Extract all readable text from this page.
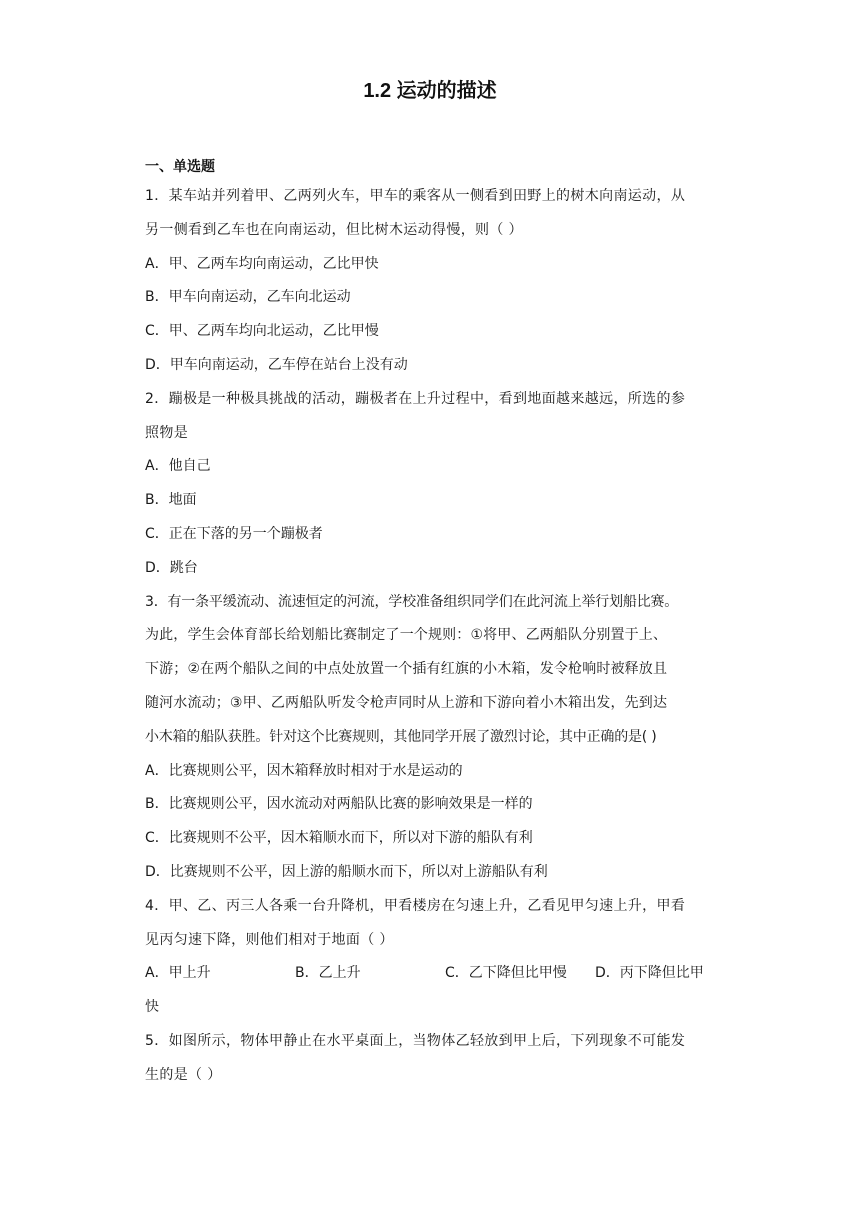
1.2 运动的描述
一、单选题
1．某车站并列着甲、乙两列火车，甲车的乘客从一侧看到田野上的树木向南运动，从
另一侧看到乙车也在向南运动，但比树木运动得慢，则（ ）
A．甲、乙两车均向南运动，乙比甲快
B．甲车向南运动，乙车向北运动
C．甲、乙两车均向北运动，乙比甲慢
D．甲车向南运动，乙车停在站台上没有动
2．蹦极是一种极具挑战的活动，蹦极者在上升过程中，看到地面越来越远，所选的参
照物是
A．他自己
B．地面
C．正在下落的另一个蹦极者
D．跳台
3．有一条平缓流动、流速恒定的河流，学校准备组织同学们在此河流上举行划船比赛。
为此，学生会体育部长给划船比赛制定了一个规则：①将甲、乙两船队分别置于上、
下游；②在两个船队之间的中点处放置一个插有红旗的小木箱，发令枪响时被释放且
随河水流动；③甲、乙两船队听发令枪声同时从上游和下游向着小木箱出发，先到达
小木箱的船队获胜。针对这个比赛规则，其他同学开展了激烈讨论，其中正确的是( )
A．比赛规则公平，因木箱释放时相对于水是运动的
B．比赛规则公平，因水流动对两船队比赛的影响效果是一样的
C．比赛规则不公平，因木箱顺水而下，所以对下游的船队有利
D．比赛规则不公平，因上游的船顺水而下，所以对上游船队有利
4．甲、乙、丙三人各乘一台升降机，甲看楼房在匀速上升，乙看见甲匀速上升，甲看
见丙匀速下降，则他们相对于地面（ ）
A．甲上升	B．乙上升	C．乙下降但比甲慢	D．丙下降但比甲
快
5．如图所示，物体甲静止在水平桌面上，当物体乙轻放到甲上后，下列现象不可能发
生的是（ ）
